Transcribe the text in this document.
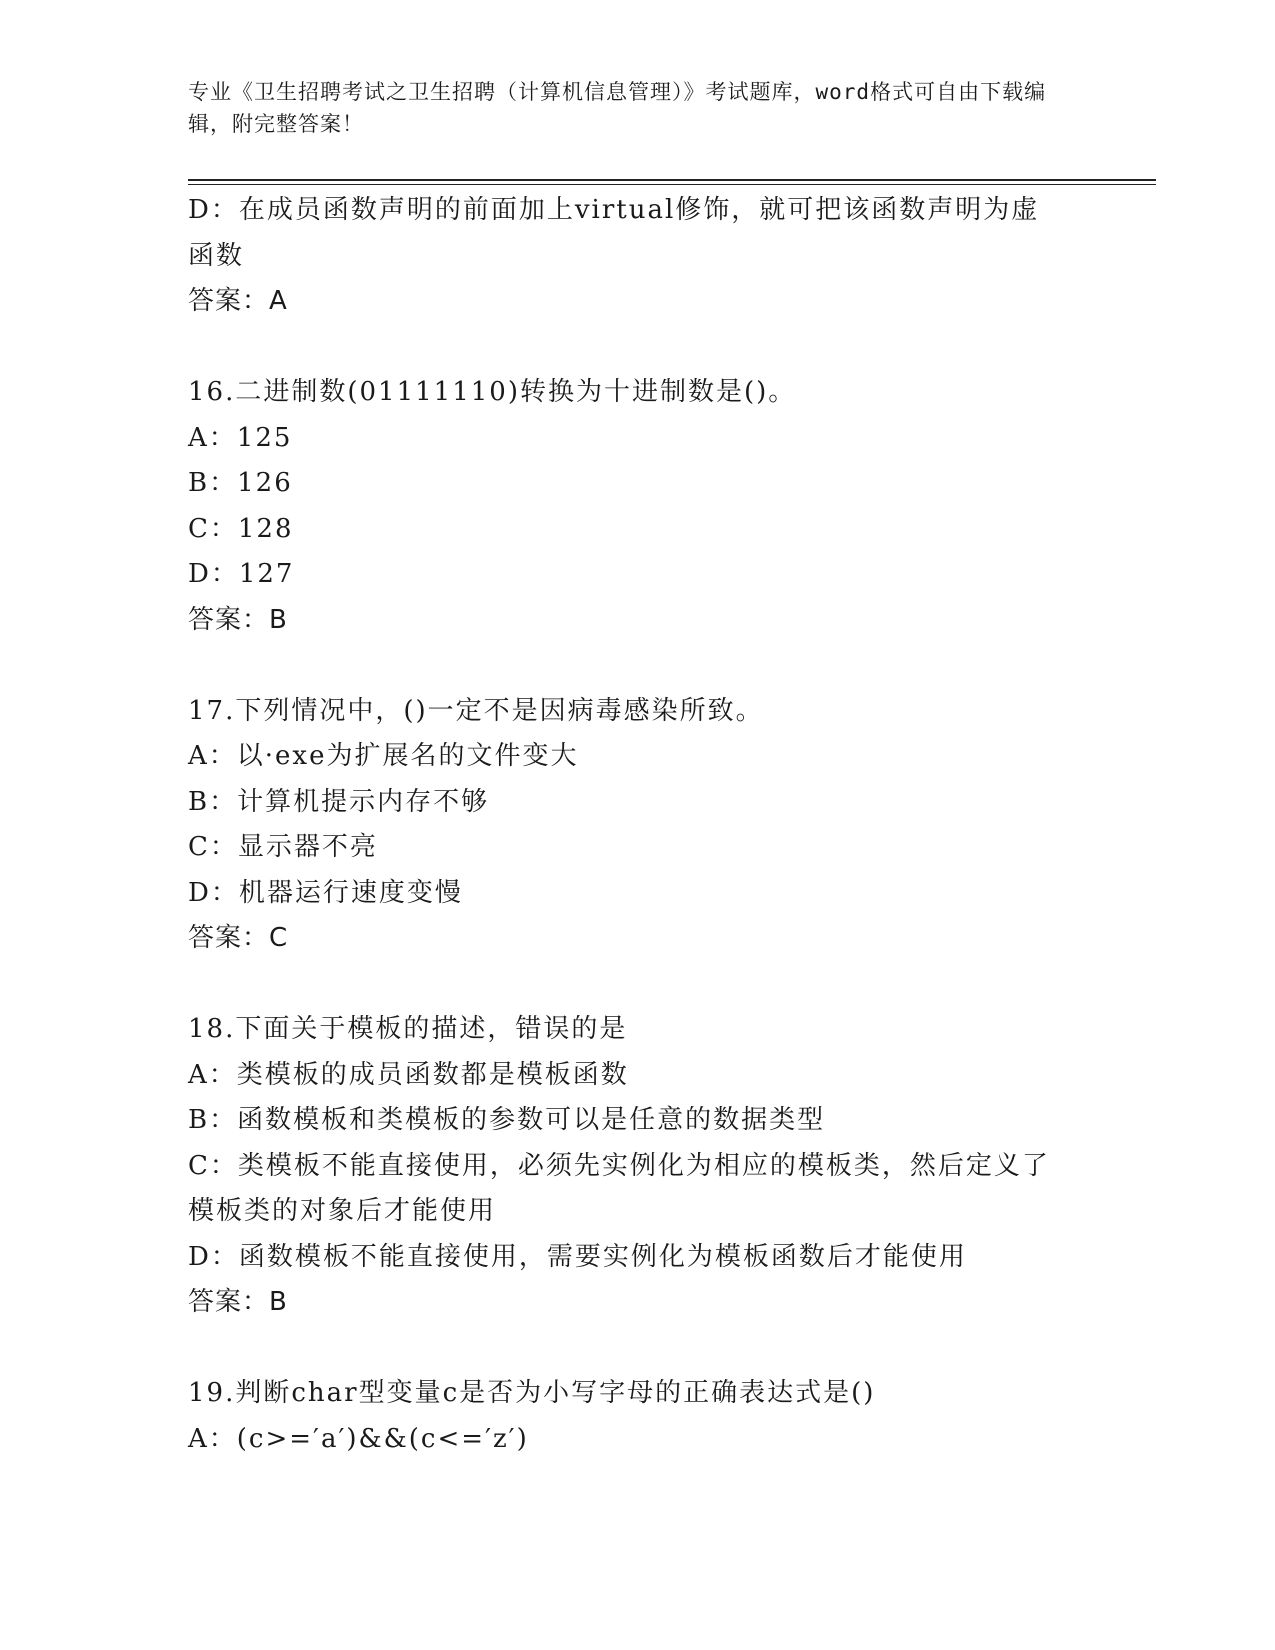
专业《卫生招聘考试之卫生招聘（计算机信息管理）》考试题库，word格式可自由下载编辑，附完整答案！
D：在成员函数声明的前面加上virtual修饰，就可把该函数声明为虚
函数
答案：A
16.二进制数(01111110)转换为十进制数是()。
A：125
B：126
C：128
D：127
答案：B
17.下列情况中，()一定不是因病毒感染所致。
A：以·exe为扩展名的文件变大
B：计算机提示内存不够
C：显示器不亮
D：机器运行速度变慢
答案：C
18.下面关于模板的描述，错误的是
A：类模板的成员函数都是模板函数
B：函数模板和类模板的参数可以是任意的数据类型
C：类模板不能直接使用，必须先实例化为相应的模板类，然后定义了
模板类的对象后才能使用
D：函数模板不能直接使用，需要实例化为模板函数后才能使用
答案：B
19.判断char型变量c是否为小写字母的正确表达式是()
A：(c>=′a′)&&(c<=′z′)
